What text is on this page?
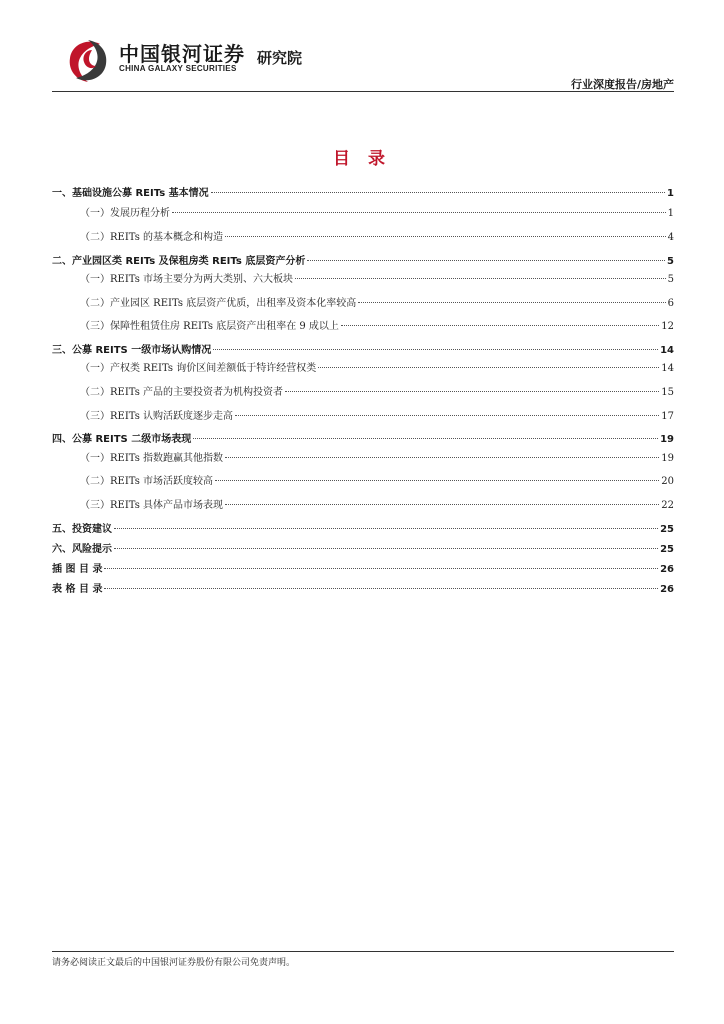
中国银河证券 研究院
CHINA GALAXY SECURITIES
行业深度报告/房地产
目 录
一、基础设施公募 REITs 基本情况	1
（一）发展历程分析	1
（二）REITs 的基本概念和构造	4
二、产业园区类 REITs 及保租房类 REITs 底层资产分析	5
（一）REITs 市场主要分为两大类别、六大板块	5
（二）产业园区 REITs 底层资产优质，出租率及资本化率较高	6
（三）保障性租赁住房 REITs 底层资产出租率在 9 成以上	12
三、公募 REITS 一级市场认购情况	14
（一）产权类 REITs 询价区间差额低于特许经营权类	14
（二）REITs 产品的主要投资者为机构投资者	15
（三）REITs 认购活跃度逐步走高	17
四、公募 REITS 二级市场表现	19
（一）REITs 指数跑赢其他指数	19
（二）REITs 市场活跃度较高	20
（三）REITs 具体产品市场表现	22
五、投资建议	25
六、风险提示	25
插 图 目 录	26
表 格 目 录	26
请务必阅读正文最后的中国银河证券股份有限公司免责声明。
